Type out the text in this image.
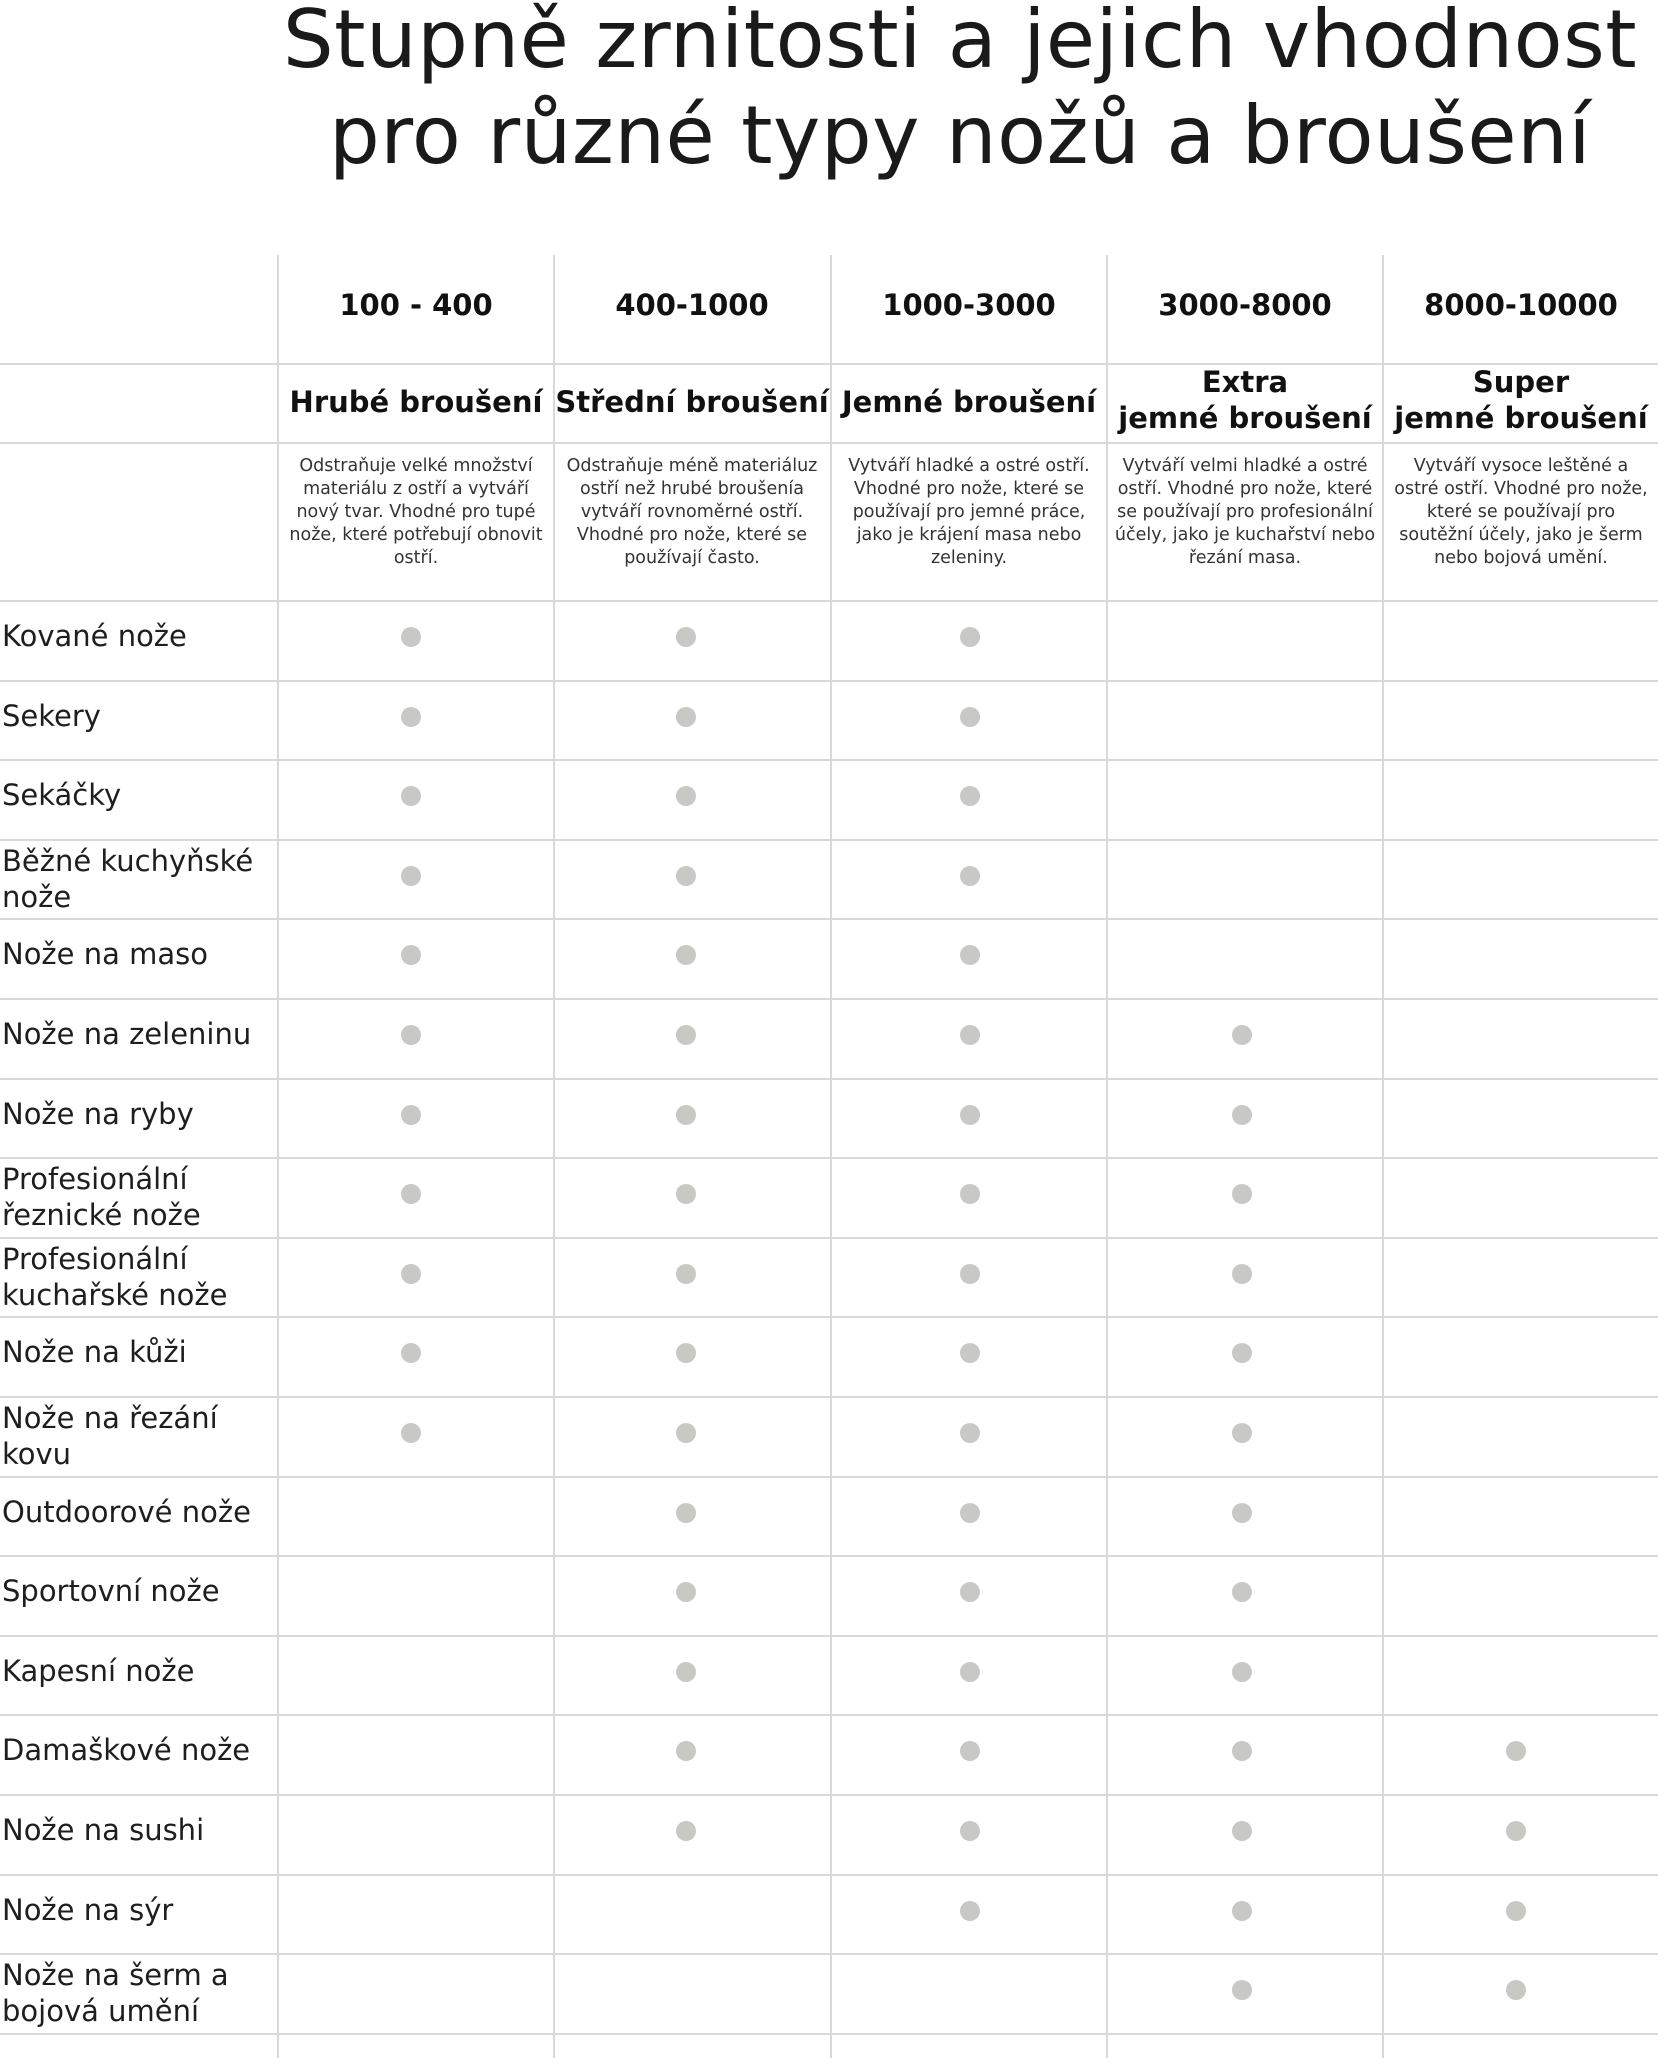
Stupně zrnitosti a jejich vhodnost
pro různé typy nožů a broušení
100 - 400
Hrubé broušení
Odstraňuje velké množství materiálu z ostří a vytváří nový tvar. Vhodné pro tupé nože, které potřebují obnovit ostří.
400-1000
Střední broušení
Odstraňuje méně materiáluz ostří než hrubé broušenía vytváří rovnoměrné ostří. Vhodné pro nože, které se používají často.
1000-3000
Jemné broušení
Vytváří hladké a ostré ostří. Vhodné pro nože, které se používají pro jemné práce, jako je krájení masa nebo zeleniny.
3000-8000
Extra
jemné broušení
Vytváří velmi hladké a ostré ostří. Vhodné pro nože, které se používají pro profesionální účely, jako je kuchařství nebo řezání masa.
8000-10000
Super
jemné broušení
Vytváří vysoce leštěné a ostré ostří. Vhodné pro nože, které se používají pro soutěžní účely, jako je šerm nebo bojová umění.
Kované nože
Sekery
Sekáčky
Běžné kuchyňské nože
Nože na maso
Nože na zeleninu
Nože na ryby
Profesionální řeznické nože
Profesionální kuchařské nože
Nože na kůži
Nože na řezání kovu
Outdoorové nože
Sportovní nože
Kapesní nože
Damaškové nože
Nože na sushi
Nože na sýr
Nože na šerm a bojová umění
